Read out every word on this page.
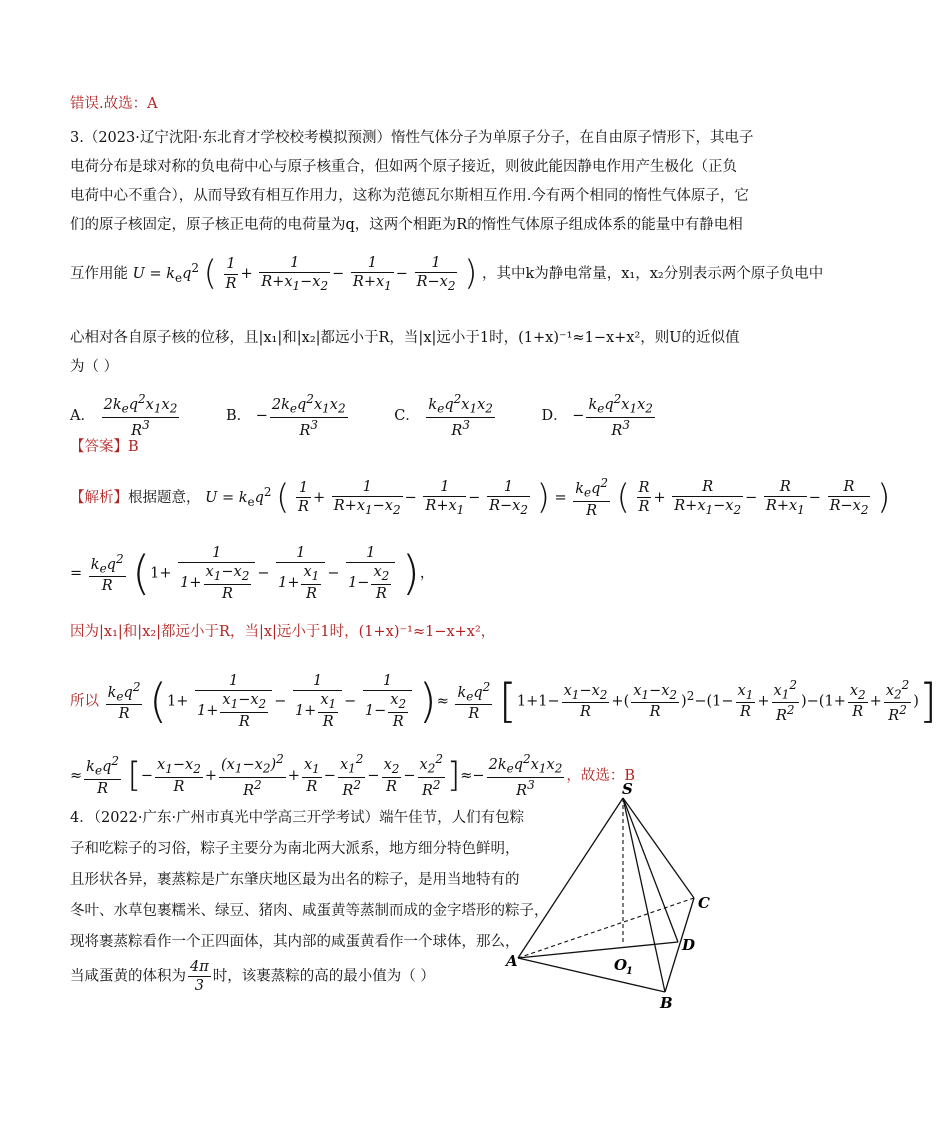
错误.故选：A
3.（2023·辽宁沈阳·东北育才学校校考模拟预测）惰性气体分子为单原子分子，在自由原子情形下，其电子
电荷分布是球对称的负电荷中心与原子核重合，但如两个原子接近，则彼此能因静电作用产生极化（正负
电荷中心不重合），从而导致有相互作用力，这称为范德瓦尔斯相互作用.今有两个相同的惰性气体原子，它
们的原子核固定，原子核正电荷的电荷量为q，这两个相距为R的惰性气体原子组成体系的能量中有静电相
互作用能 $U = k_eq^2$ ( $\frac{1}{R} + \frac{1}{R+x_1-x_2} - \frac{1}{R+x_1} - \frac{1}{R-x_2}$ ) ，其中k为静电常量，x₁，x₂分别表示两个原子负电中
心相对各自原子核的位移，且|x₁|和|x₂|都远小于R，当|x|远小于1时，(1+x)⁻¹≈1−x+x²，则U的近似值
为（ ）
A． $\frac{2k_eq^2x_1x_2}{R^3}$	B． − $\frac{2k_eq^2x_1x_2}{R^3}$	C． $\frac{k_eq^2x_1x_2}{R^3}$	D． − $\frac{k_eq^2x_1x_2}{R^3}$
【答案】B
【解析】根据题意， $U = k_eq^2$ ( $\frac{1}{R} + \frac{1}{R+x_1-x_2} - \frac{1}{R+x_1} - \frac{1}{R-x_2}$ ) = $\frac{k_eq^2}{R}$ ( $\frac{R}{R} + \frac{R}{R+x_1-x_2} - \frac{R}{R+x_1} - \frac{R}{R-x_2}$ )
= $\frac{k_eq^2}{R} (1+ \frac{1}{1+ \frac{x_1-x_2}{R}} - \frac{1}{1+ \frac{x_1}{R}} - \frac{1}{1- \frac{x_2}{R}}$ )，
因为|x₁|和|x₂|都远小于R，当|x|远小于1时，(1+x)⁻¹≈1−x+x²，
所以 $\frac{k_eq^2}{R} (1+ \frac{1}{1+ \frac{x_1-x_2}{R}} - \frac{1}{1+ \frac{x_1}{R}} - \frac{1}{1- \frac{x_2}{R}}$ )≈ $\frac{k_eq^2}{R} [1+1- \frac{x_1-x_2}{R}$ +( $\frac{x_1-x_2}{R} )^2-(1- \frac{x_1}{R} + \frac{x_1^2}{R^2} )-(1+ \frac{x_2}{R} + \frac{x_2^2}{R^2}$ )]
≈ $\frac{k_eq^2}{R}$ [− $\frac{x_1-x_2}{R} + \frac{(x_1-x_2)^2}{R^2} + \frac{x_1}{R} - \frac{x_1^2}{R^2} - \frac{x_2}{R} - \frac{x_2^2}{R^2}$ ]≈− $\frac{2k_eq^2x_1x_2}{R^3}$ ，故选：B
4．（2022·广东·广州市真光中学高三开学考试）端午佳节，人们有包粽
子和吃粽子的习俗，粽子主要分为南北两大派系，地方细分特色鲜明，
且形状各异，裹蒸粽是广东肇庆地区最为出名的粽子，是用当地特有的
冬叶、水草包裹糯米、绿豆、猪肉、咸蛋黄等蒸制而成的金字塔形的粽子，
现将裹蒸粽看作一个正四面体，其内部的咸蛋黄看作一个球体，那么，
当咸蛋黄的体积为 $\frac{4\pi}{3}$ 时，该裹蒸粽的高的最小值为（ ）
S
A
B
C
D
O
1
